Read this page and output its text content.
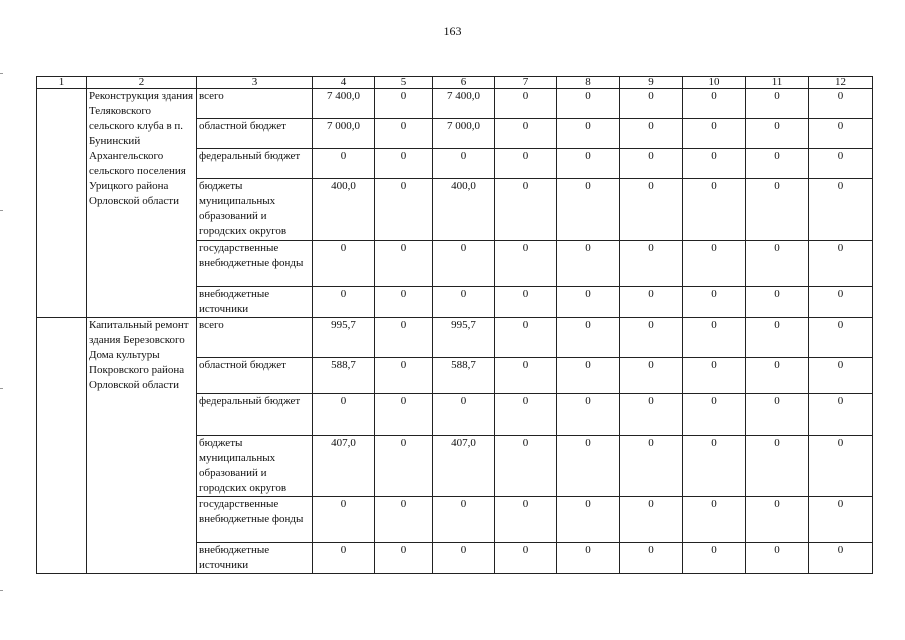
163
1	2	3	4	5	6	7	8	9	10	11	12
	Реконструкция здания Теляковского сельского клуба в п. Бунинский Архангельского сельского поселения Урицкого района Орловской области	всего	7 400,0	0	7 400,0	0	0	0	0	0	0
		областной бюджет	7 000,0	0	7 000,0	0	0	0	0	0	0
		федеральный бюджет	0	0	0	0	0	0	0	0	0
		бюджеты муниципальных образований и городских округов	400,0	0	400,0	0	0	0	0	0	0
		государственные внебюджетные фонды	0	0	0	0	0	0	0	0	0
		внебюджетные источники	0	0	0	0	0	0	0	0	0
	Капитальный ремонт здания Березовского Дома культуры Покровского района Орловской области	всего	995,7	0	995,7	0	0	0	0	0	0
		областной бюджет	588,7	0	588,7	0	0	0	0	0	0
		федеральный бюджет	0	0	0	0	0	0	0	0	0
		бюджеты муниципальных образований и городских округов	407,0	0	407,0	0	0	0	0	0	0
		государственные внебюджетные фонды	0	0	0	0	0	0	0	0	0
		внебюджетные источники	0	0	0	0	0	0	0	0	0
